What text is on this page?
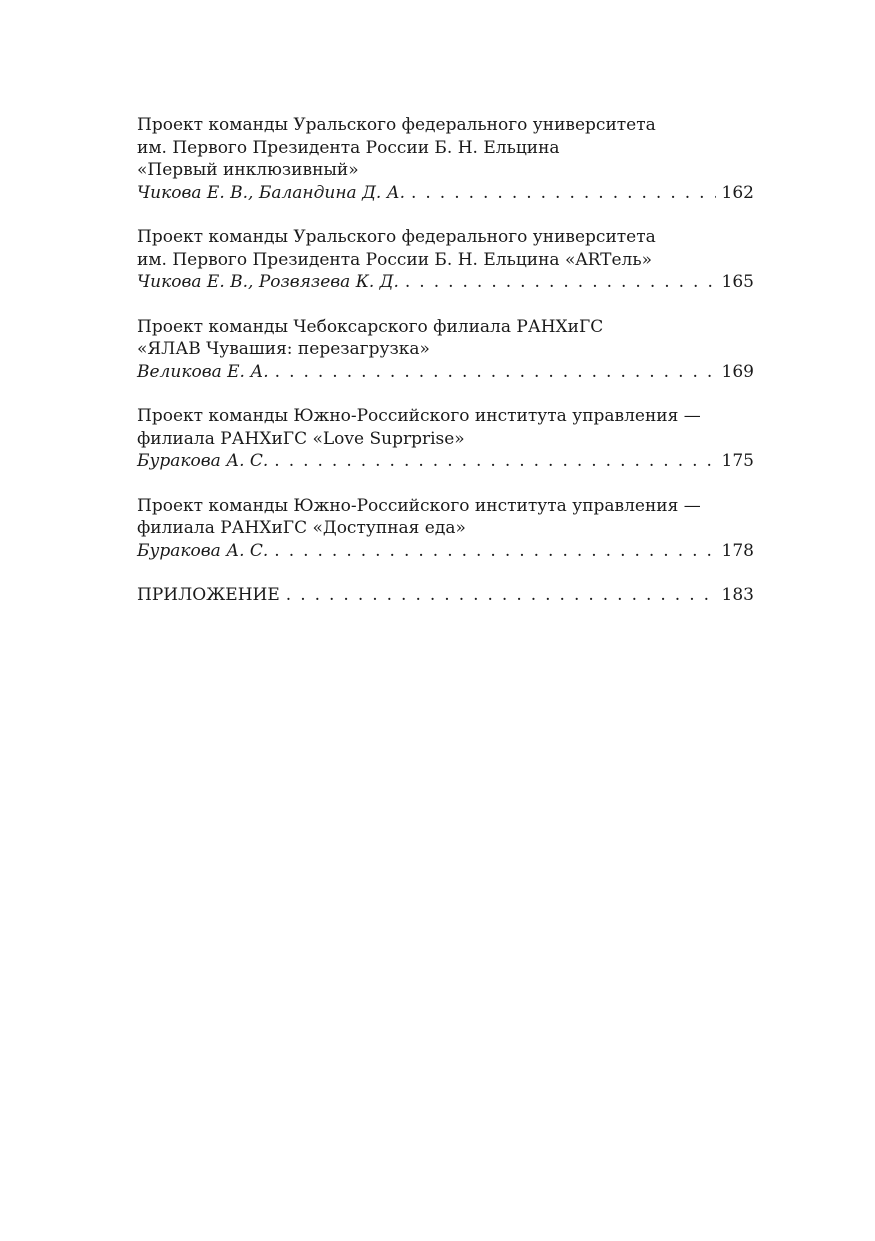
Проект команды Уральского федерального университета
им. Первого Президента России Б. Н. Ельцина
«Первый инклюзивный»
Чикова Е. В., Баландина Д. А. . . .	162
Проект команды Уральского федерального университета
им. Первого Президента России Б. Н. Ельцина «ARTель»
Чикова Е. В., Розвязева К. Д. . . .	165
Проект команды Чебоксарского филиала РАНХиГС
«ЯЛАВ Чувашия: перезагрузка»
Великова Е. А. . . .	169
Проект команды Южно-Российского института управления —
филиала РАНХиГС «Love Suprprise»
Буракова А. С. . . .	175
Проект команды Южно-Российского института управления —
филиала РАНХиГС «Доступная еда»
Буракова А. С. . . .	178
ПРИЛОЖЕНИЕ . . .	183
